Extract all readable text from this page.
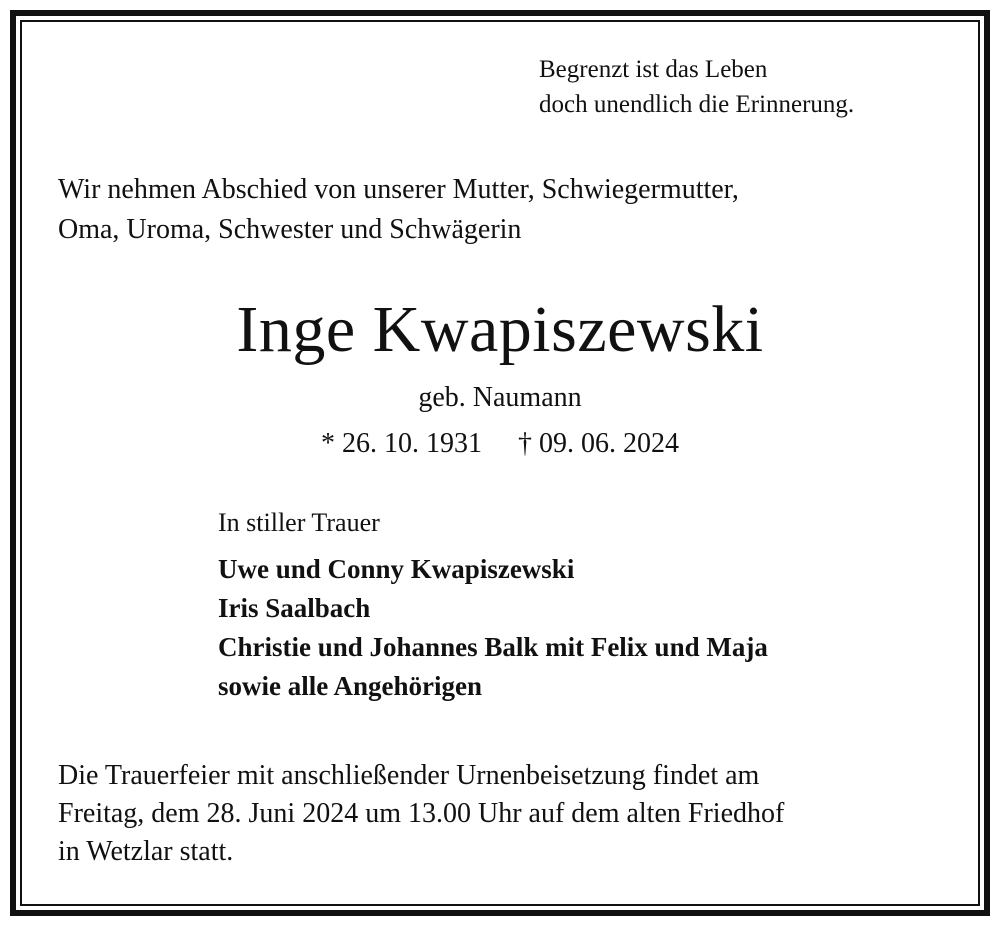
Begrenzt ist das Leben
doch unendlich die Erinnerung.
Wir nehmen Abschied von unserer Mutter, Schwiegermutter,
Oma, Uroma, Schwester und Schwägerin
Inge Kwapiszewski
geb. Naumann
* 26. 10. 1931 † 09. 06. 2024
In stiller Trauer
Uwe und Conny Kwapiszewski
Iris Saalbach
Christie und Johannes Balk mit Felix und Maja
sowie alle Angehörigen
Die Trauerfeier mit anschließender Urnenbeisetzung findet am
Freitag, dem 28. Juni 2024 um 13.00 Uhr auf dem alten Friedhof
in Wetzlar statt.
